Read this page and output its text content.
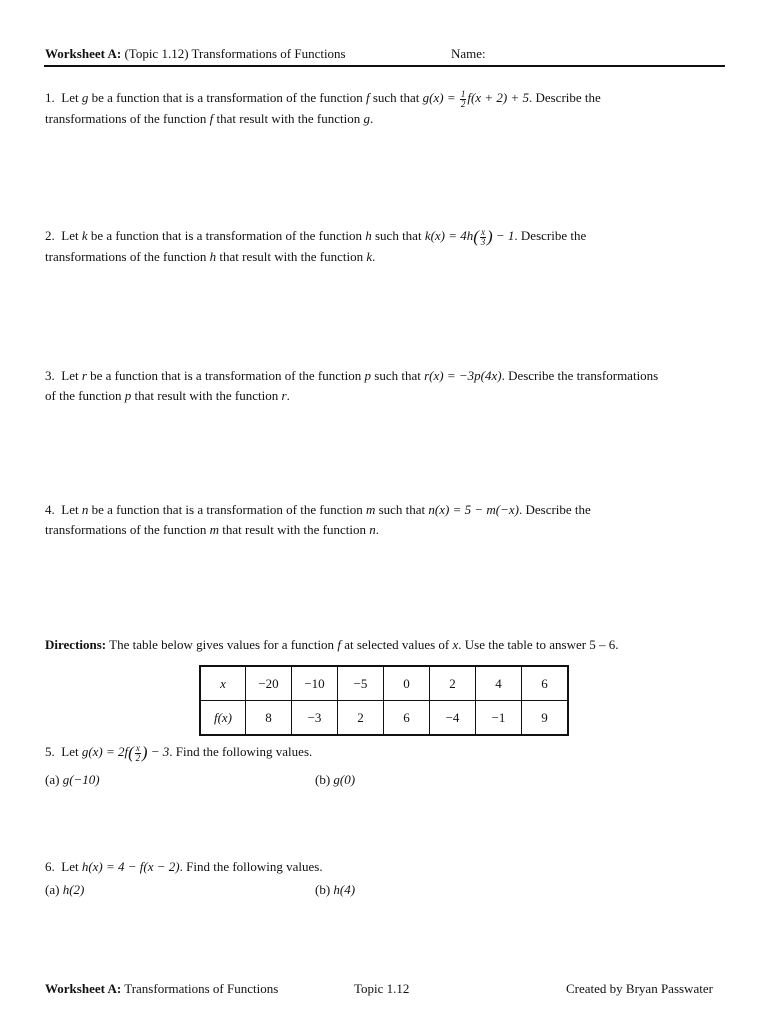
Worksheet A: (Topic 1.12) Transformations of Functions	Name:
1. Let g be a function that is a transformation of the function f such that $g(x) = \frac{1}{2} f(x + 2) + 5$. Describe the
transformations of the function f that result with the function g.
2. Let k be a function that is a transformation of the function h such that $k(x) = 4h( \frac{x}{3}$ ) − 1. Describe the
transformations of the function h that result with the function k.
3. Let r be a function that is a transformation of the function p such that r(x) = −3p(4x). Describe the transformations
of the function p that result with the function r.
4. Let n be a function that is a transformation of the function m such that n(x) = 5 − m(−x). Describe the
transformations of the function m that result with the function n.
Directions: The table below gives values for a function f at selected values of x. Use the table to answer 5 – 6.
x	−20	−10	−5	0	2	4	6
f(x)	8	−3	2	6	−4	−1	9
5. Let $g(x) = 2f( \frac{x}{2}$ ) − 3. Find the following values.
(a) g(−10)	(b) g(0)
6. Let h(x) = 4 − f(x − 2). Find the following values.
(a) h(2)	(b) h(4)
Worksheet A: Transformations of Functions	Topic 1.12	Created by Bryan Passwater
